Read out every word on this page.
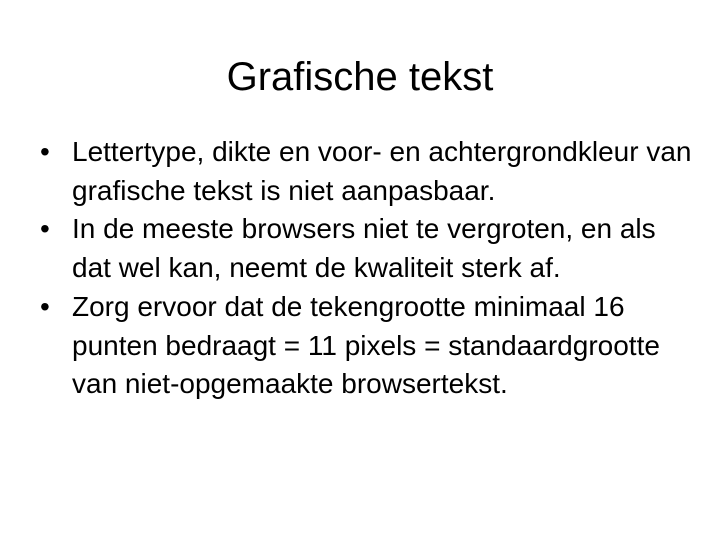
Grafische tekst
• Lettertype, dikte en voor- en achtergrondkleur van grafische tekst is niet aanpasbaar.
• In de meeste browsers niet te vergroten, en als dat wel kan, neemt de kwaliteit sterk af.
• Zorg ervoor dat de tekengrootte minimaal 16 punten bedraagt = 11 pixels = standaardgrootte van niet-opgemaakte browsertekst.
